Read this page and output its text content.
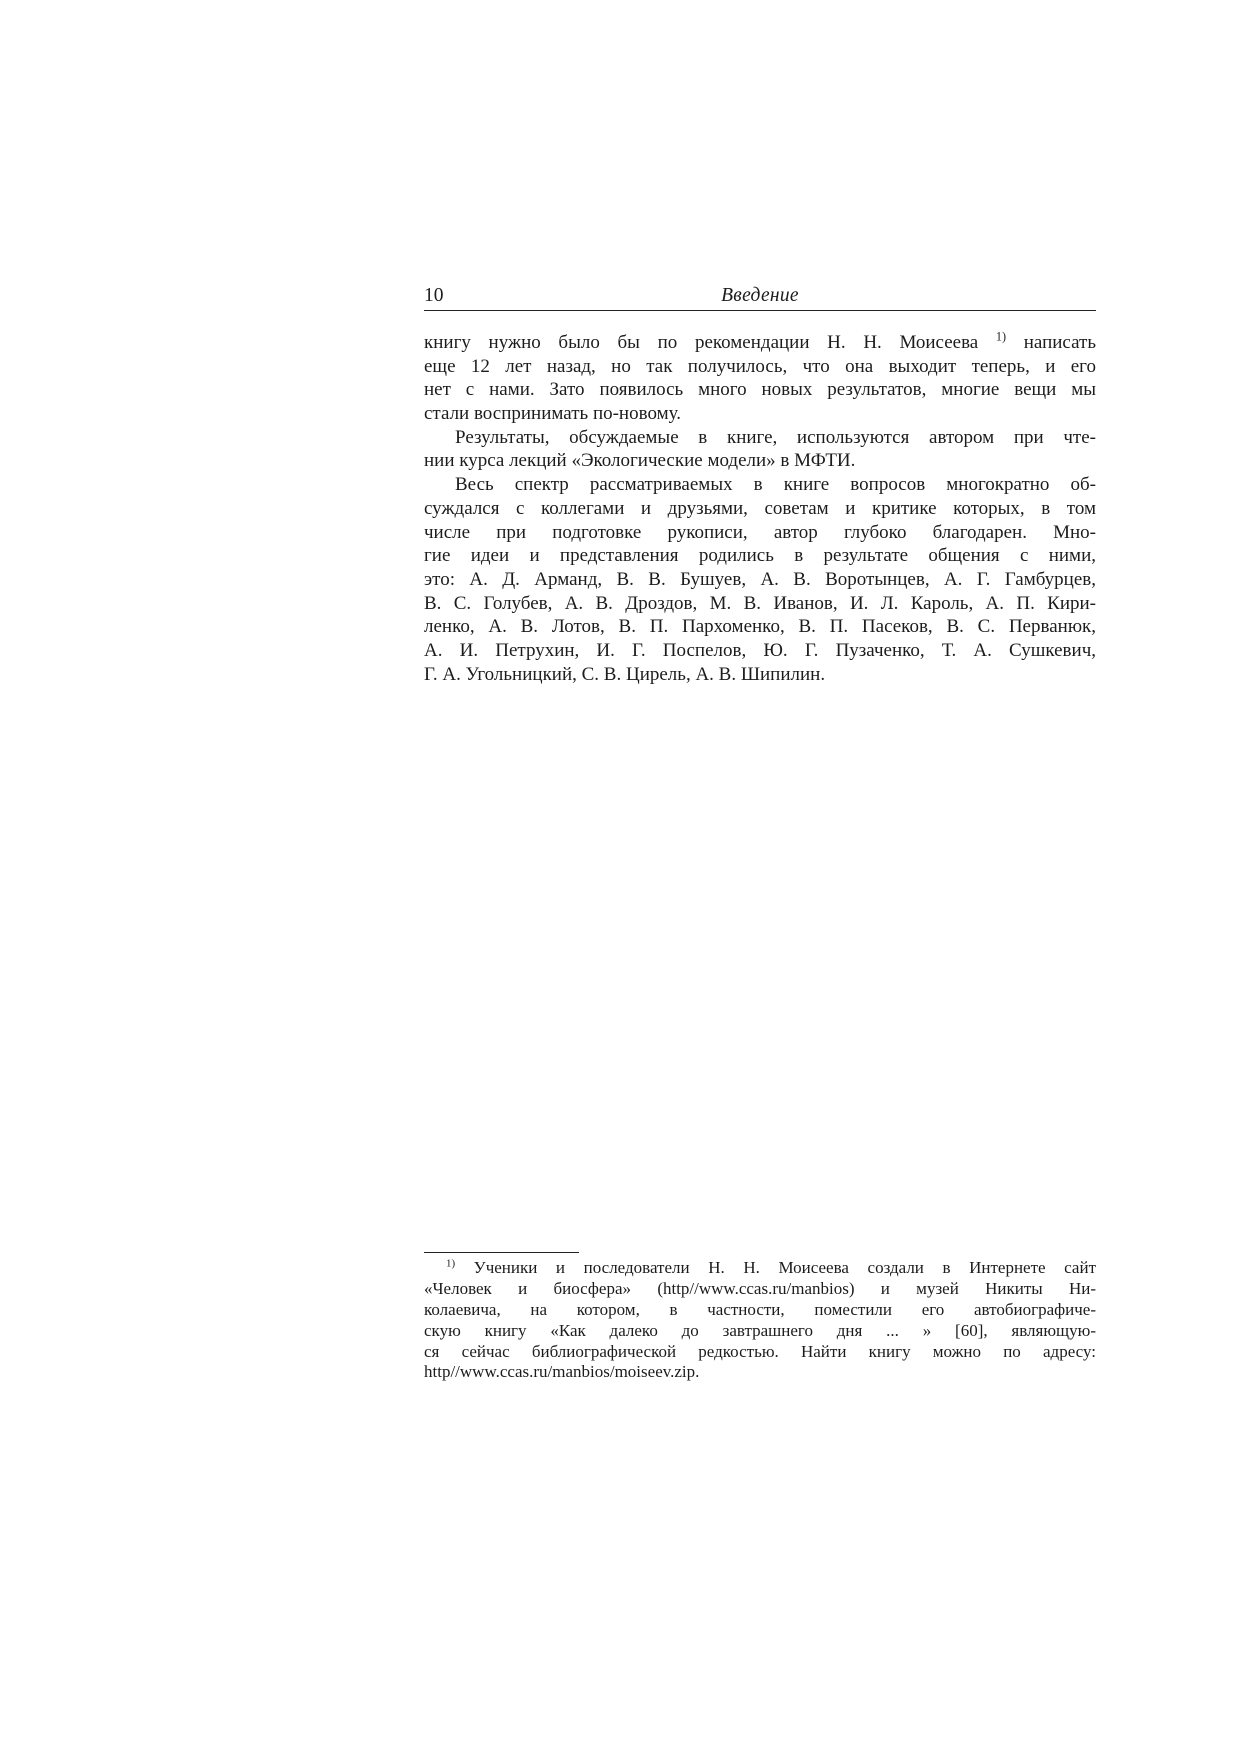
10	Введение
книгу нужно было бы по рекомендации Н. Н. Моисеева $^{1)}$ написать
еще 12 лет назад, но так получилось, что она выходит теперь, и его
нет с нами. Зато появилось много новых результатов, многие вещи мы
стали воспринимать по-новому.
Результаты, обсуждаемые в книге, используются автором при чте-
нии курса лекций «Экологические модели» в МФТИ.
Весь спектр рассматриваемых в книге вопросов многократно об-
суждался с коллегами и друзьями, советам и критике которых, в том
числе при подготовке рукописи, автор глубоко благодарен. Мно-
гие идеи и представления родились в результате общения с ними,
это: А. Д. Арманд, В. В. Бушуев, А. В. Воротынцев, А. Г. Гамбурцев,
В. С. Голубев, А. В. Дроздов, М. В. Иванов, И. Л. Кароль, А. П. Кири-
ленко, А. В. Лотов, В. П. Пархоменко, В. П. Пасеков, В. С. Перванюк,
А. И. Петрухин, И. Г. Поспелов, Ю. Г. Пузаченко, Т. А. Сушкевич,
Г. А. Угольницкий, С. В. Цирель, А. В. Шипилин.
$^{1)}$ Ученики и последователи Н. Н. Моисеева создали в Интернете сайт
«Человек и биосфера» (http//www.ccas.ru/manbios) и музей Никиты Ни-
колаевича, на котором, в частности, поместили его автобиографиче-
скую книгу «Как далеко до завтрашнего дня ... » [60], являющую-
ся сейчас библиографической редкостью. Найти книгу можно по адресу:
http//www.ccas.ru/manbios/moiseev.zip.
